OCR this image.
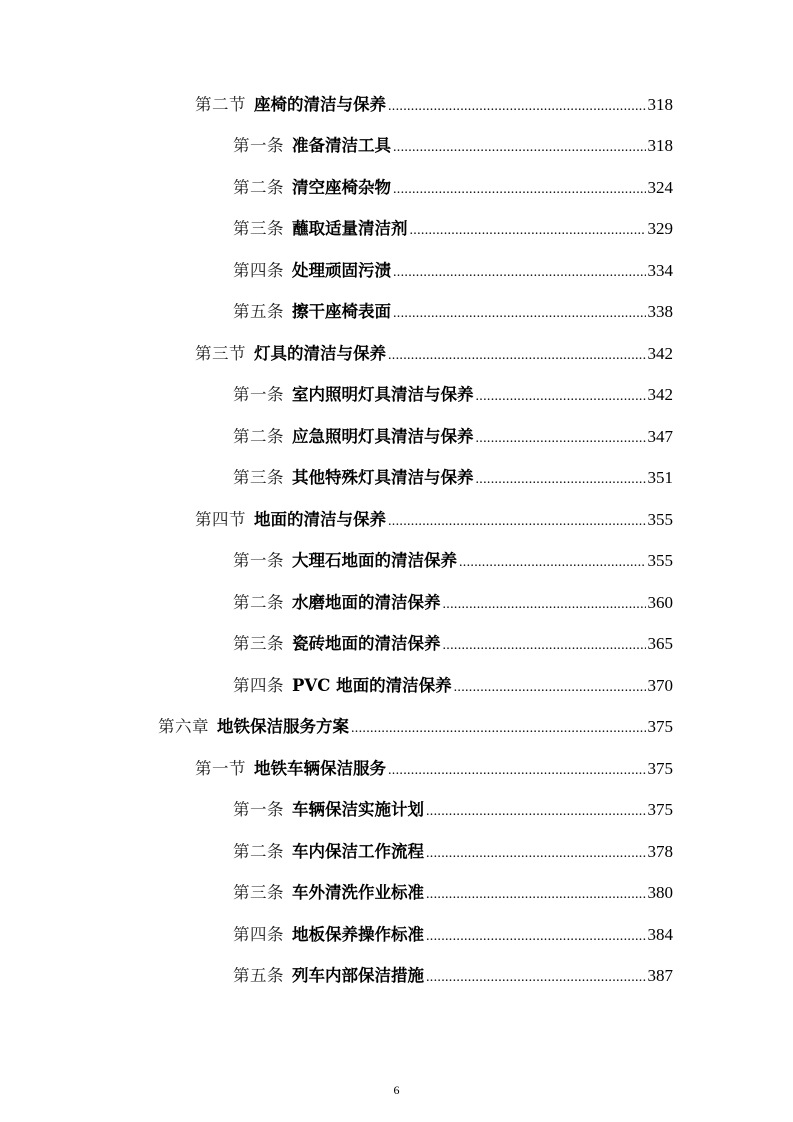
第二节 座椅的清洁与保养 . . .	318
第一条 准备清洁工具 . . .	318
第二条 清空座椅杂物 . . .	324
第三条 蘸取适量清洁剂 . . .	329
第四条 处理顽固污渍 . . .	334
第五条 擦干座椅表面 . . .	338
第三节 灯具的清洁与保养 . . .	342
第一条 室内照明灯具清洁与保养 . . .	342
第二条 应急照明灯具清洁与保养 . . .	347
第三条 其他特殊灯具清洁与保养 . . .	351
第四节 地面的清洁与保养 . . .	355
第一条 大理石地面的清洁保养 . . .	355
第二条 水磨地面的清洁保养 . . .	360
第三条 瓷砖地面的清洁保养 . . .	365
第四条 PVC 地面的清洁保养 . . .	370
第六章 地铁保洁服务方案 . . .	375
第一节 地铁车辆保洁服务 . . .	375
第一条 车辆保洁实施计划 . . .	375
第二条 车内保洁工作流程 . . .	378
第三条 车外清洗作业标准 . . .	380
第四条 地板保养操作标准 . . .	384
第五条 列车内部保洁措施 . . .	387
6
